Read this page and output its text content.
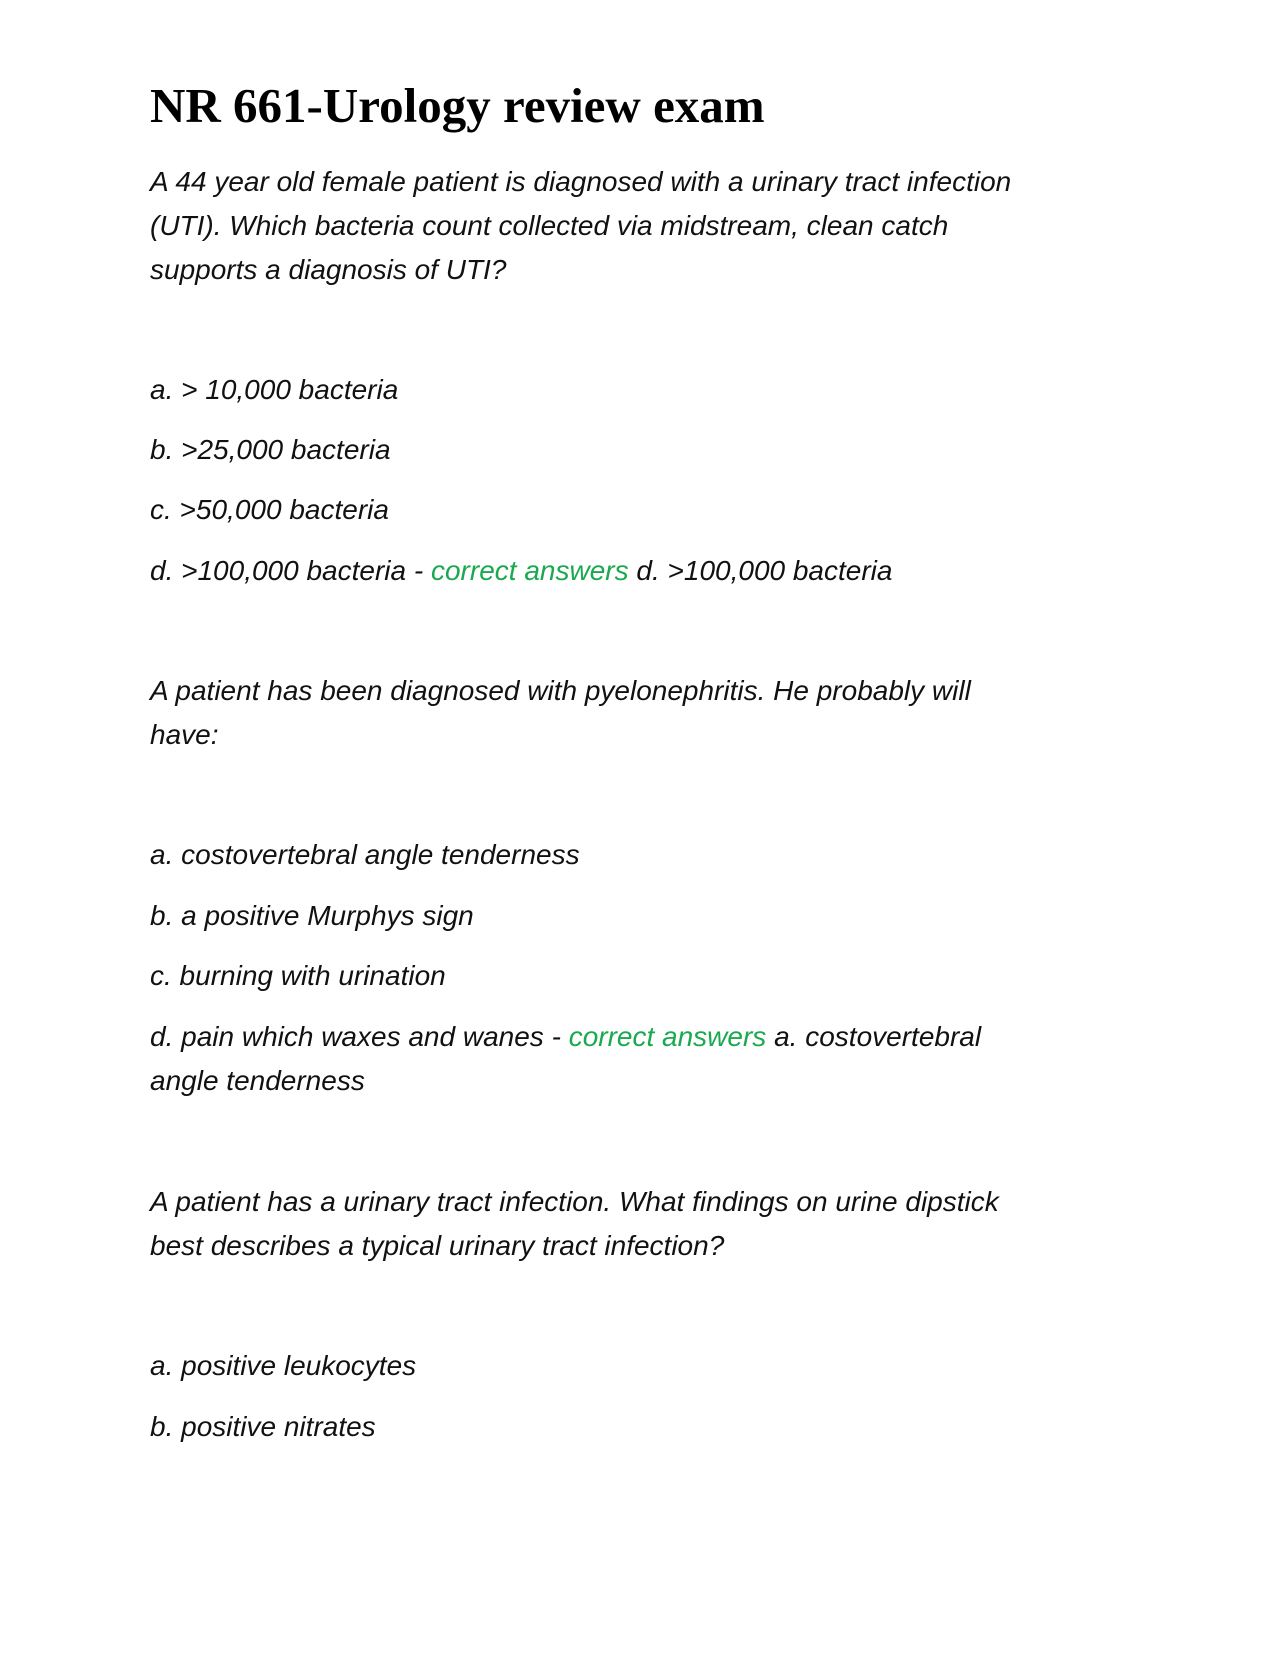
NR 661-Urology review exam

A 44 year old female patient is diagnosed with a urinary tract infection

(UTI). Which bacteria count collected via midstream, clean catch

supports a diagnosis of UTI?

a. > 10,000 bacteria

b. >25,000 bacteria

c. >50,000 bacteria

d. >100,000 bacteria - correct answers d. >100,000 bacteria

A patient has been diagnosed with pyelonephritis. He probably will

have:

a. costovertebral angle tenderness

b. a positive Murphys sign

c. burning with urination

d. pain which waxes and wanes - correct answers a. costovertebral

angle tenderness

A patient has a urinary tract infection. What findings on urine dipstick

best describes a typical urinary tract infection?

a. positive leukocytes

b. positive nitrates
